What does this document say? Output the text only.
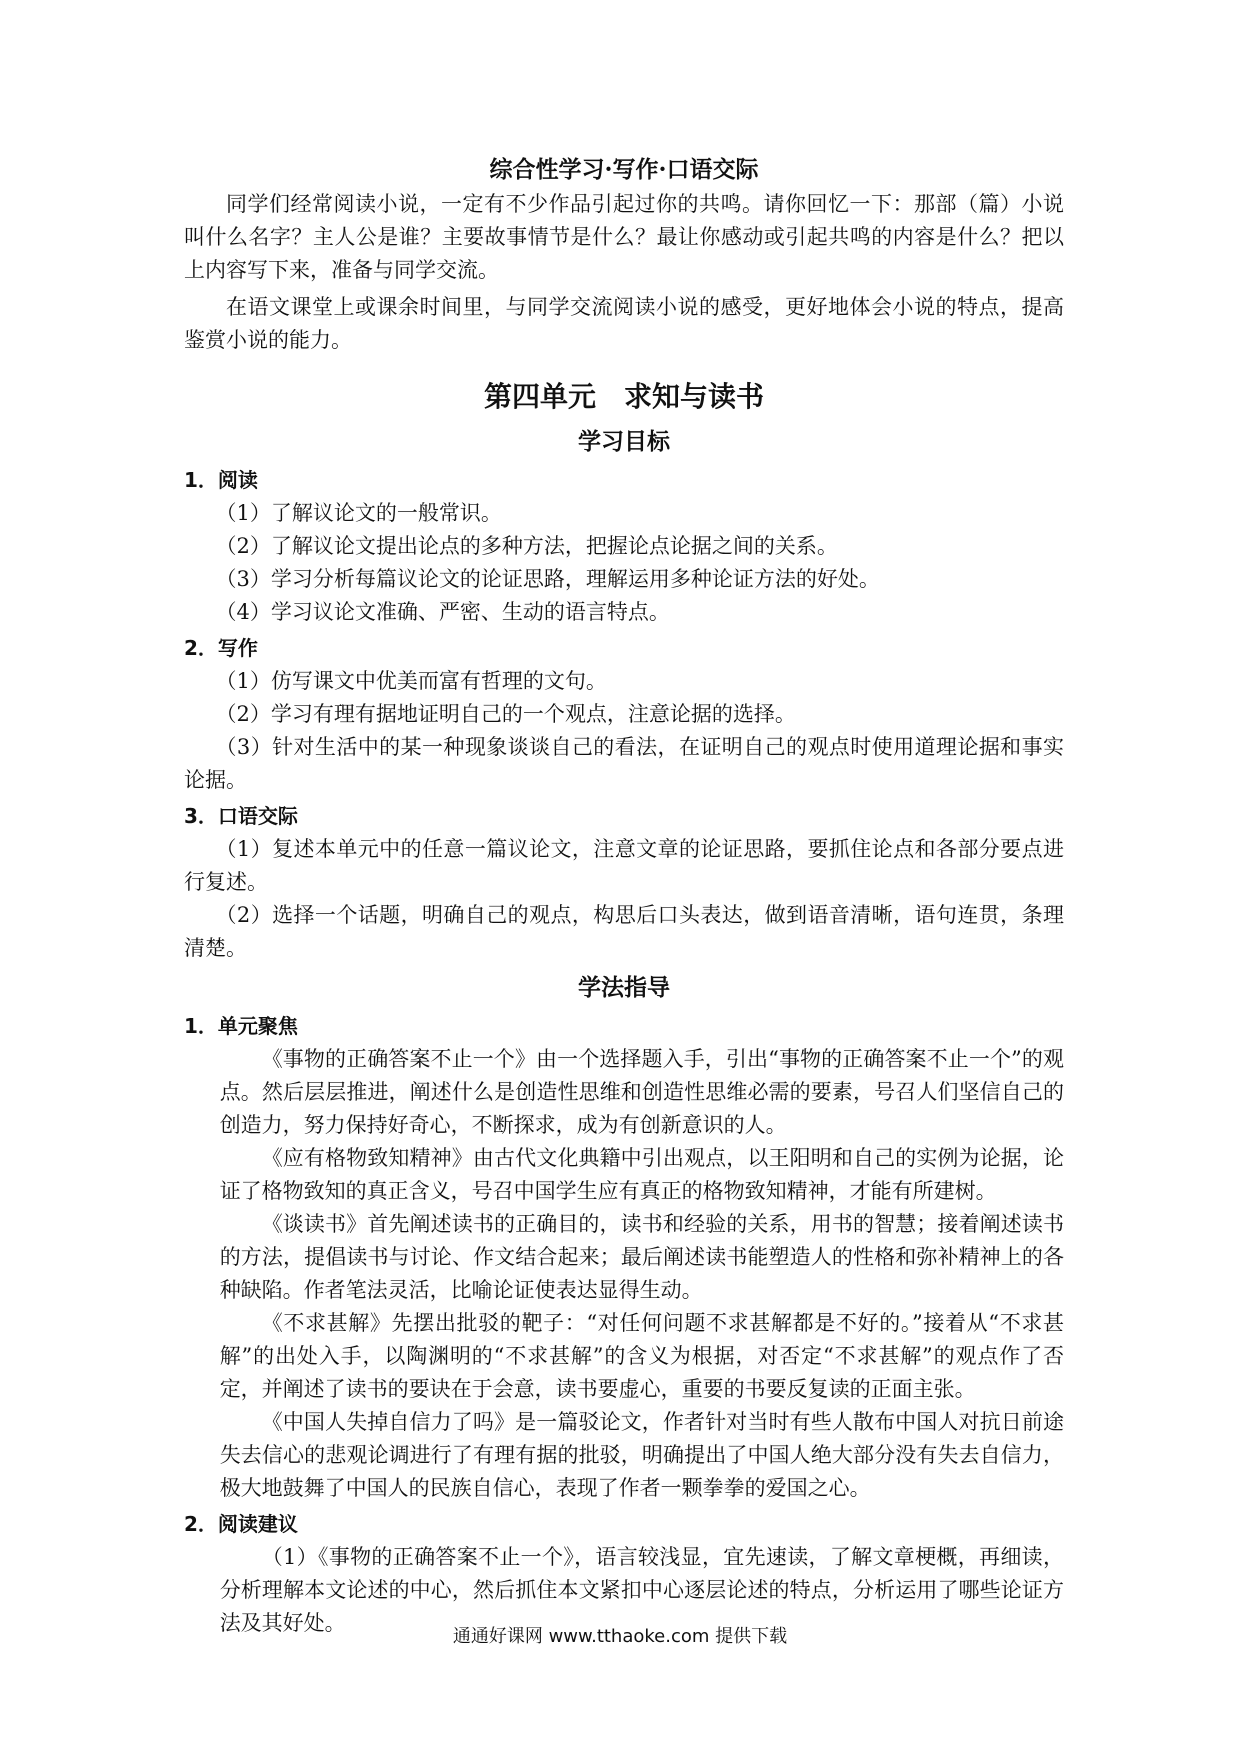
综合性学习·写作·口语交际

同学们经常阅读小说，一定有不少作品引起过你的共鸣。请你回忆一下：那部（篇）小说叫什么名字？主人公是谁？主要故事情节是什么？最让你感动或引起共鸣的内容是什么？把以上内容写下来，准备与同学交流。

在语文课堂上或课余时间里，与同学交流阅读小说的感受，更好地体会小说的特点，提高鉴赏小说的能力。

第四单元　求知与读书
学习目标
1．阅读

（1）了解议论文的一般常识。

（2）了解议论文提出论点的多种方法，把握论点论据之间的关系。

（3）学习分析每篇议论文的论证思路，理解运用多种论证方法的好处。

（4）学习议论文准确、严密、生动的语言特点。

2．写作

（1）仿写课文中优美而富有哲理的文句。

（2）学习有理有据地证明自己的一个观点，注意论据的选择。

（3）针对生活中的某一种现象谈谈自己的看法，在证明自己的观点时使用道理论据和事实论据。

3．口语交际

（1）复述本单元中的任意一篇议论文，注意文章的论证思路，要抓住论点和各部分要点进行复述。

（2）选择一个话题，明确自己的观点，构思后口头表达，做到语音清晰，语句连贯，条理清楚。

学法指导
1．单元聚焦

《事物的正确答案不止一个》由一个选择题入手，引出“事物的正确答案不止一个”的观点。然后层层推进，阐述什么是创造性思维和创造性思维必需的要素，号召人们坚信自己的创造力，努力保持好奇心，不断探求，成为有创新意识的人。

《应有格物致知精神》由古代文化典籍中引出观点，以王阳明和自己的实例为论据，论证了格物致知的真正含义，号召中国学生应有真正的格物致知精神，才能有所建树。

《谈读书》首先阐述读书的正确目的，读书和经验的关系，用书的智慧；接着阐述读书的方法，提倡读书与讨论、作文结合起来；最后阐述读书能塑造人的性格和弥补精神上的各种缺陷。作者笔法灵活，比喻论证使表达显得生动。

《不求甚解》先摆出批驳的靶子：“对任何问题不求甚解都是不好的。”接着从“不求甚解”的出处入手，以陶渊明的“不求甚解”的含义为根据，对否定“不求甚解”的观点作了否定，并阐述了读书的要诀在于会意，读书要虚心，重要的书要反复读的正面主张。

《中国人失掉自信力了吗》是一篇驳论文，作者针对当时有些人散布中国人对抗日前途失去信心的悲观论调进行了有理有据的批驳，明确提出了中国人绝大部分没有失去自信力，极大地鼓舞了中国人的民族自信心，表现了作者一颗拳拳的爱国之心。

2．阅读建议

（1）《事物的正确答案不止一个》，语言较浅显，宜先速读，了解文章梗概，再细读，分析理解本文论述的中心，然后抓住本文紧扣中心逐层论述的特点，分析运用了哪些论证方法及其好处。

通通好课网 www.tthaoke.com 提供下载
